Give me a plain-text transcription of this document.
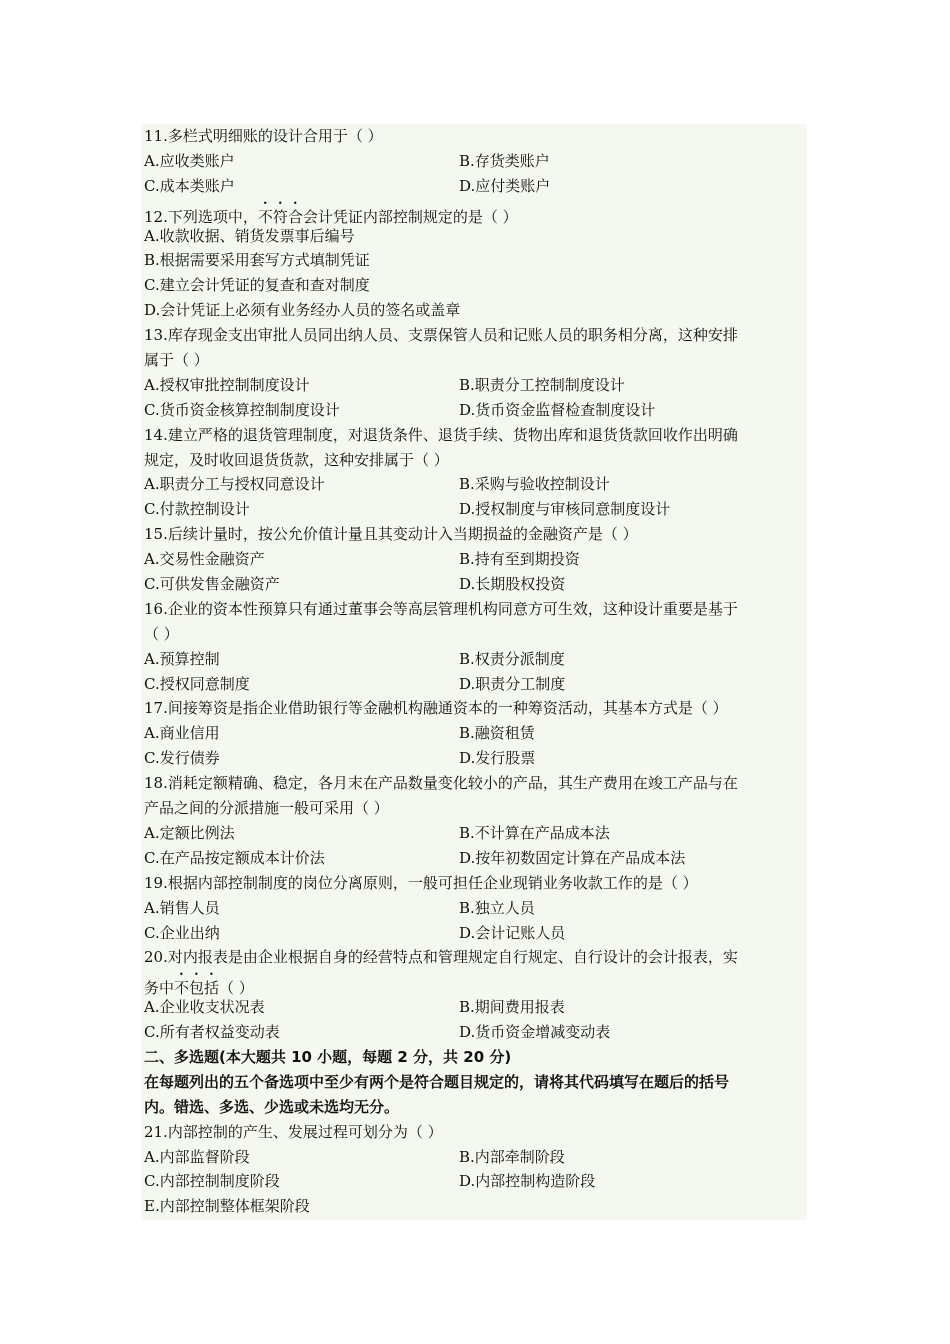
11.多栏式明细账的设计合用于（ ）
A.应收类账户	B.存货类账户
C.成本类账户	D.应付类账户
12.下列选项中，不符合会计凭证内部控制规定的是（ ）
A.收款收据、销货发票事后编号
B.根据需要采用套写方式填制凭证
C.建立会计凭证的复查和查对制度
D.会计凭证上必须有业务经办人员的签名或盖章
13.库存现金支出审批人员同出纳人员、支票保管人员和记账人员的职务相分离，这种安排
属于（ ）
A.授权审批控制制度设计	B.职责分工控制制度设计
C.货币资金核算控制制度设计	D.货币资金监督检查制度设计
14.建立严格的退货管理制度，对退货条件、退货手续、货物出库和退货货款回收作出明确
规定，及时收回退货货款，这种安排属于（ ）
A.职责分工与授权同意设计	B.采购与验收控制设计
C.付款控制设计	D.授权制度与审核同意制度设计
15.后续计量时，按公允价值计量且其变动计入当期损益的金融资产是（ ）
A.交易性金融资产	B.持有至到期投资
C.可供发售金融资产	D.长期股权投资
16.企业的资本性预算只有通过董事会等高层管理机构同意方可生效，这种设计重要是基于
（ ）
A.预算控制	B.权责分派制度
C.授权同意制度	D.职责分工制度
17.间接筹资是指企业借助银行等金融机构融通资本的一种筹资活动，其基本方式是（ ）
A.商业信用	B.融资租赁
C.发行债券	D.发行股票
18.消耗定额精确、稳定，各月末在产品数量变化较小的产品，其生产费用在竣工产品与在
产品之间的分派措施一般可采用（ ）
A.定额比例法	B.不计算在产品成本法
C.在产品按定额成本计价法	D.按年初数固定计算在产品成本法
19.根据内部控制制度的岗位分离原则，一般可担任企业现销业务收款工作的是（ ）
A.销售人员	B.独立人员
C.企业出纳	D.会计记账人员
20.对内报表是由企业根据自身的经营特点和管理规定自行规定、自行设计的会计报表，实
务中不包括（ ）
A.企业收支状况表	B.期间费用报表
C.所有者权益变动表	D.货币资金增减变动表
二、多选题(本大题共 10 小题，每题 2 分，共 20 分)
在每题列出的五个备选项中至少有两个是符合题目规定的，请将其代码填写在题后的括号
内。错选、多选、少选或未选均无分。
21.内部控制的产生、发展过程可划分为（ ）
A.内部监督阶段	B.内部牵制阶段
C.内部控制制度阶段	D.内部控制构造阶段
E.内部控制整体框架阶段
